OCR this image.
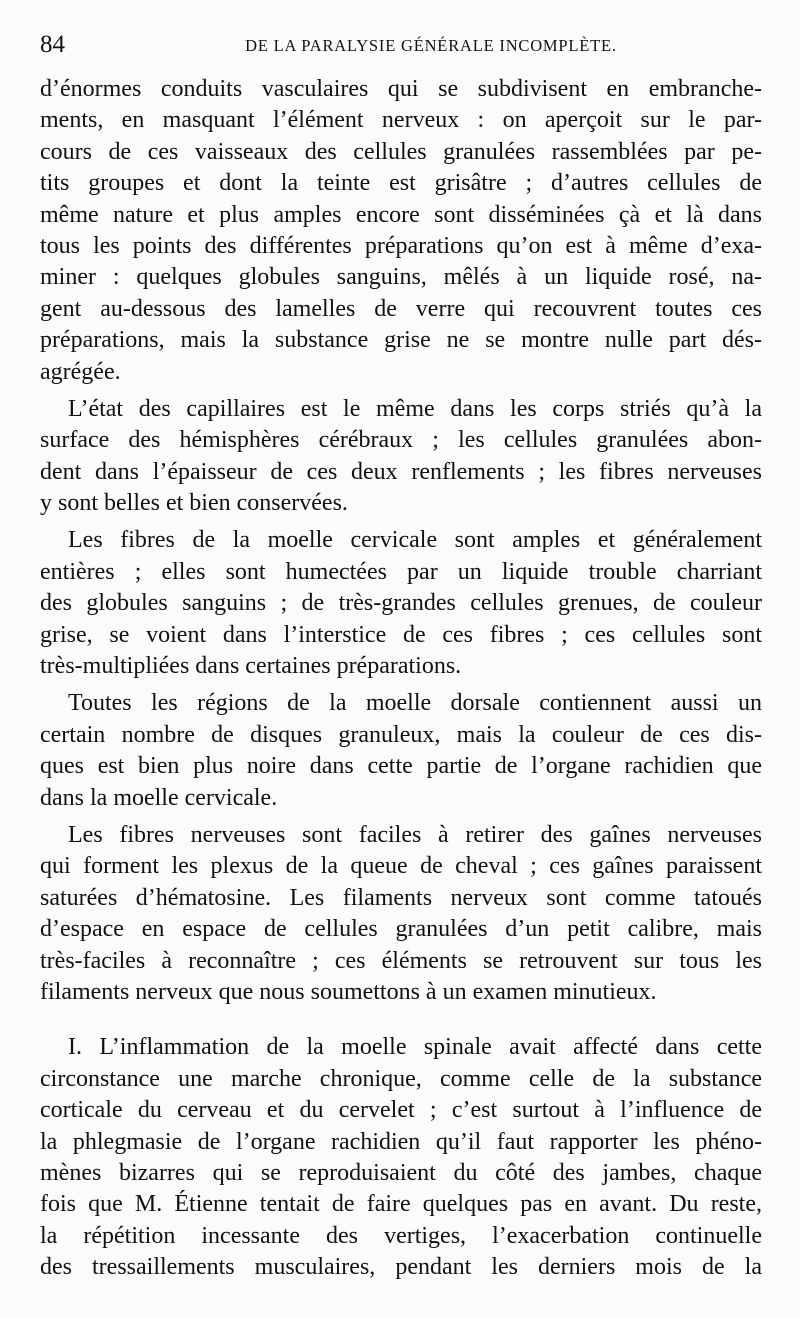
84	DE LA PARALYSIE GÉNÉRALE INCOMPLÈTE.
d’énormes conduits vasculaires qui se subdivisent en embranche-
ments, en masquant l’élément nerveux : on aperçoit sur le par-
cours de ces vaisseaux des cellules granulées rassemblées par pe-
tits groupes et dont la teinte est grisâtre ; d’autres cellules de
même nature et plus amples encore sont disséminées çà et là dans
tous les points des différentes préparations qu’on est à même d’exa-
miner : quelques globules sanguins, mêlés à un liquide rosé, na-
gent au-dessous des lamelles de verre qui recouvrent toutes ces
préparations, mais la substance grise ne se montre nulle part dés-
agrégée.
L’état des capillaires est le même dans les corps striés qu’à la
surface des hémisphères cérébraux ; les cellules granulées abon-
dent dans l’épaisseur de ces deux renflements ; les fibres nerveuses
y sont belles et bien conservées.
Les fibres de la moelle cervicale sont amples et généralement
entières ; elles sont humectées par un liquide trouble charriant
des globules sanguins ; de très-grandes cellules grenues, de couleur
grise, se voient dans l’interstice de ces fibres ; ces cellules sont
très-multipliées dans certaines préparations.
Toutes les régions de la moelle dorsale contiennent aussi un
certain nombre de disques granuleux, mais la couleur de ces dis-
ques est bien plus noire dans cette partie de l’organe rachidien que
dans la moelle cervicale.
Les fibres nerveuses sont faciles à retirer des gaînes nerveuses
qui forment les plexus de la queue de cheval ; ces gaînes paraissent
saturées d’hématosine. Les filaments nerveux sont comme tatoués
d’espace en espace de cellules granulées d’un petit calibre, mais
très-faciles à reconnaître ; ces éléments se retrouvent sur tous les
filaments nerveux que nous soumettons à un examen minutieux.
I. L’inflammation de la moelle spinale avait affecté dans cette
circonstance une marche chronique, comme celle de la substance
corticale du cerveau et du cervelet ; c’est surtout à l’influence de
la phlegmasie de l’organe rachidien qu’il faut rapporter les phéno-
mènes bizarres qui se reproduisaient du côté des jambes, chaque
fois que M. Étienne tentait de faire quelques pas en avant. Du reste,
la répétition incessante des vertiges, l’exacerbation continuelle
des tressaillements musculaires, pendant les derniers mois de la
